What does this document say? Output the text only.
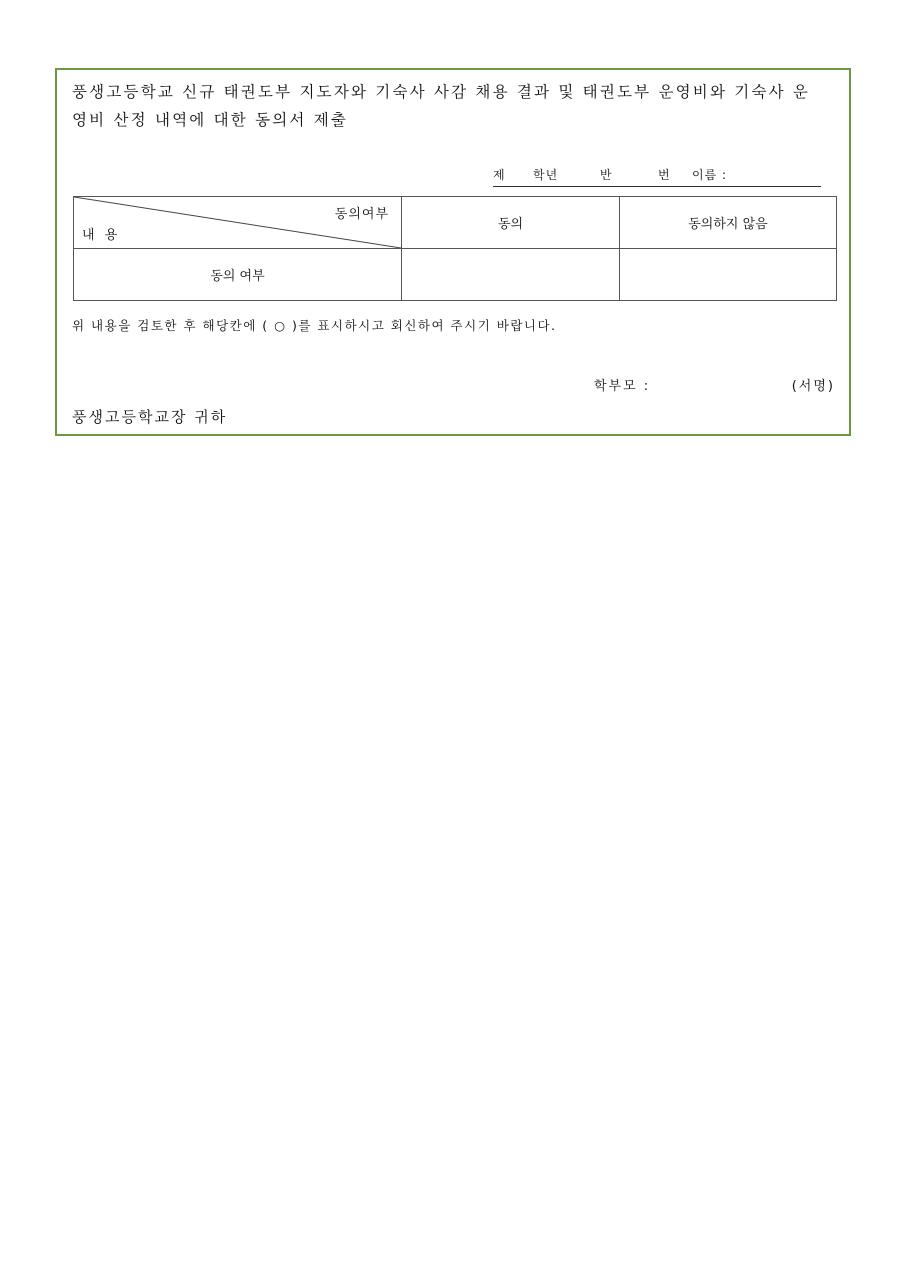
풍생고등학교 신규 태권도부 지도자와 기숙사 사감 채용 결과 및 태권도부 운영비와 기숙사 운
영비 산정 내역에 대한 동의서 제출
제 학년	반	번 이름 :
동의여부
내 용	동의	동의하지 않음
동의 여부		
위 내용을 검토한 후 해당칸에 ( ○ )를 표시하시고 회신하여 주시기 바랍니다.
학부모 :	(서명)
풍생고등학교장 귀하
